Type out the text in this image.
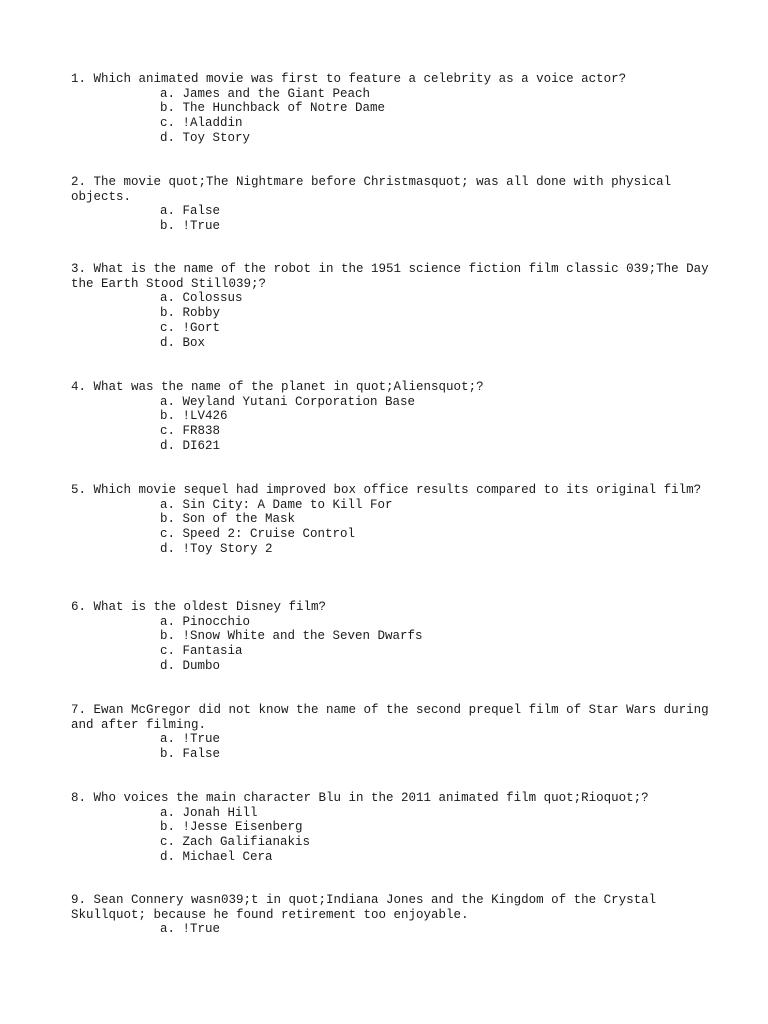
1. Which animated movie was first to feature a celebrity as a voice actor?

a. James and the Giant Peach
b. The Hunchback of Notre Dame
c. !Aladdin
d. Toy Story

2. The movie quot;The Nightmare before Christmasquot; was all done with physical objects.

a. False
b. !True

3. What is the name of the robot in the 1951 science fiction film classic 039;The Day the Earth Stood Still039;?

a. Colossus
b. Robby
c. !Gort
d. Box

4. What was the name of the planet in quot;Aliensquot;?

a. Weyland Yutani Corporation Base
b. !LV426
c. FR838
d. DI621

5. Which movie sequel had improved box office results compared to its original film?

a. Sin City: A Dame to Kill For
b. Son of the Mask
c. Speed 2: Cruise Control
d. !Toy Story 2

6. What is the oldest Disney film?

a. Pinocchio
b. !Snow White and the Seven Dwarfs
c. Fantasia
d. Dumbo

7. Ewan McGregor did not know the name of the second prequel film of Star Wars during and after filming.

a. !True
b. False

8. Who voices the main character Blu in the 2011 animated film quot;Rioquot;?

a. Jonah Hill
b. !Jesse Eisenberg
c. Zach Galifianakis
d. Michael Cera

9. Sean Connery wasn039;t in quot;Indiana Jones and the Kingdom of the Crystal Skullquot; because he found retirement too enjoyable.

a. !True
